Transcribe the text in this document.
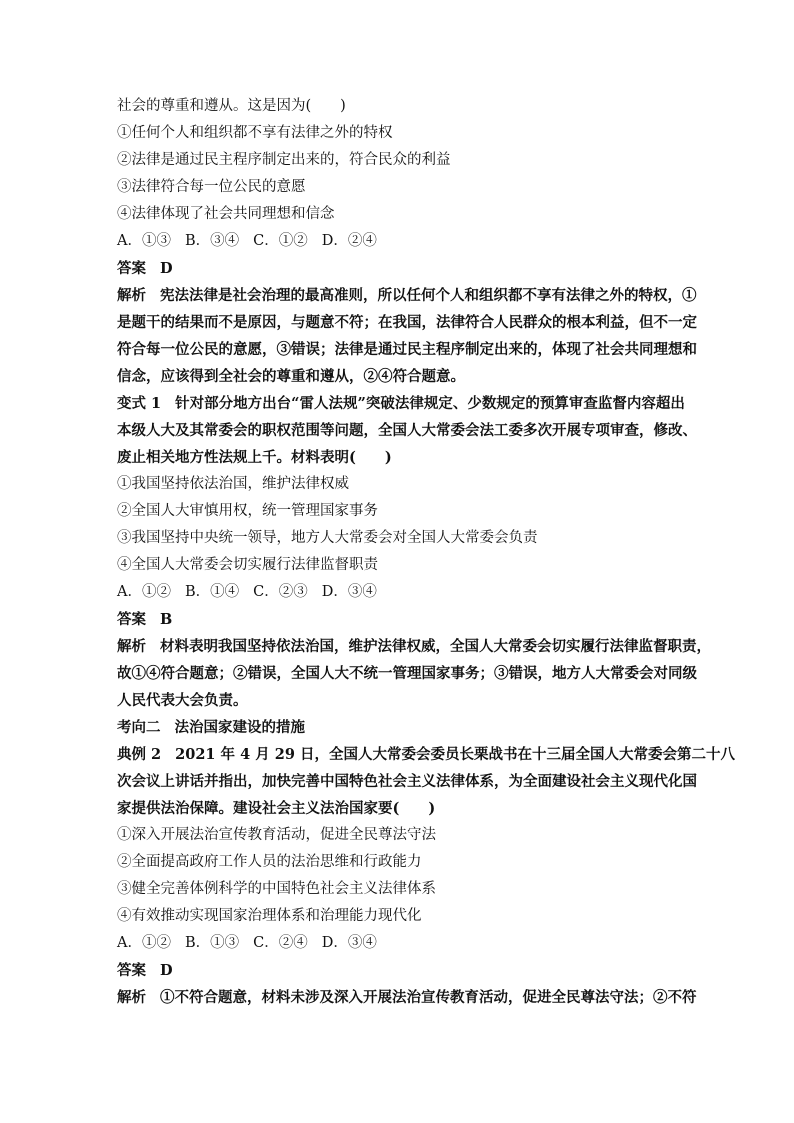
社会的尊重和遵从。这是因为(　　)
①任何个人和组织都不享有法律之外的特权
②法律是通过民主程序制定出来的，符合民众的利益
③法律符合每一位公民的意愿
④法律体现了社会共同理想和信念
A．①③ B．③④ C．①② D．②④
答案 D
解析 宪法法律是社会治理的最高准则，所以任何个人和组织都不享有法律之外的特权，①
是题干的结果而不是原因，与题意不符；在我国，法律符合人民群众的根本利益，但不一定
符合每一位公民的意愿，③错误；法律是通过民主程序制定出来的，体现了社会共同理想和
信念，应该得到全社会的尊重和遵从，②④符合题意。
变式 1 针对部分地方出台“雷人法规”突破法律规定、少数规定的预算审查监督内容超出
本级人大及其常委会的职权范围等问题，全国人大常委会法工委多次开展专项审查，修改、
废止相关地方性法规上千。材料表明(　　)
①我国坚持依法治国，维护法律权威
②全国人大审慎用权，统一管理国家事务
③我国坚持中央统一领导，地方人大常委会对全国人大常委会负责
④全国人大常委会切实履行法律监督职责
A．①② B．①④ C．②③ D．③④
答案 B
解析 材料表明我国坚持依法治国，维护法律权威，全国人大常委会切实履行法律监督职责，
故①④符合题意；②错误，全国人大不统一管理国家事务；③错误，地方人大常委会对同级
人民代表大会负责。
考向二 法治国家建设的措施
典例 2 2021 年 4 月 29 日，全国人大常委会委员长栗战书在十三届全国人大常委会第二十八
次会议上讲话并指出，加快完善中国特色社会主义法律体系，为全面建设社会主义现代化国
家提供法治保障。建设社会主义法治国家要(　　)
①深入开展法治宣传教育活动，促进全民尊法守法
②全面提高政府工作人员的法治思维和行政能力
③健全完善体例科学的中国特色社会主义法律体系
④有效推动实现国家治理体系和治理能力现代化
A．①② B．①③ C．②④ D．③④
答案 D
解析 ①不符合题意，材料未涉及深入开展法治宣传教育活动，促进全民尊法守法；②不符
